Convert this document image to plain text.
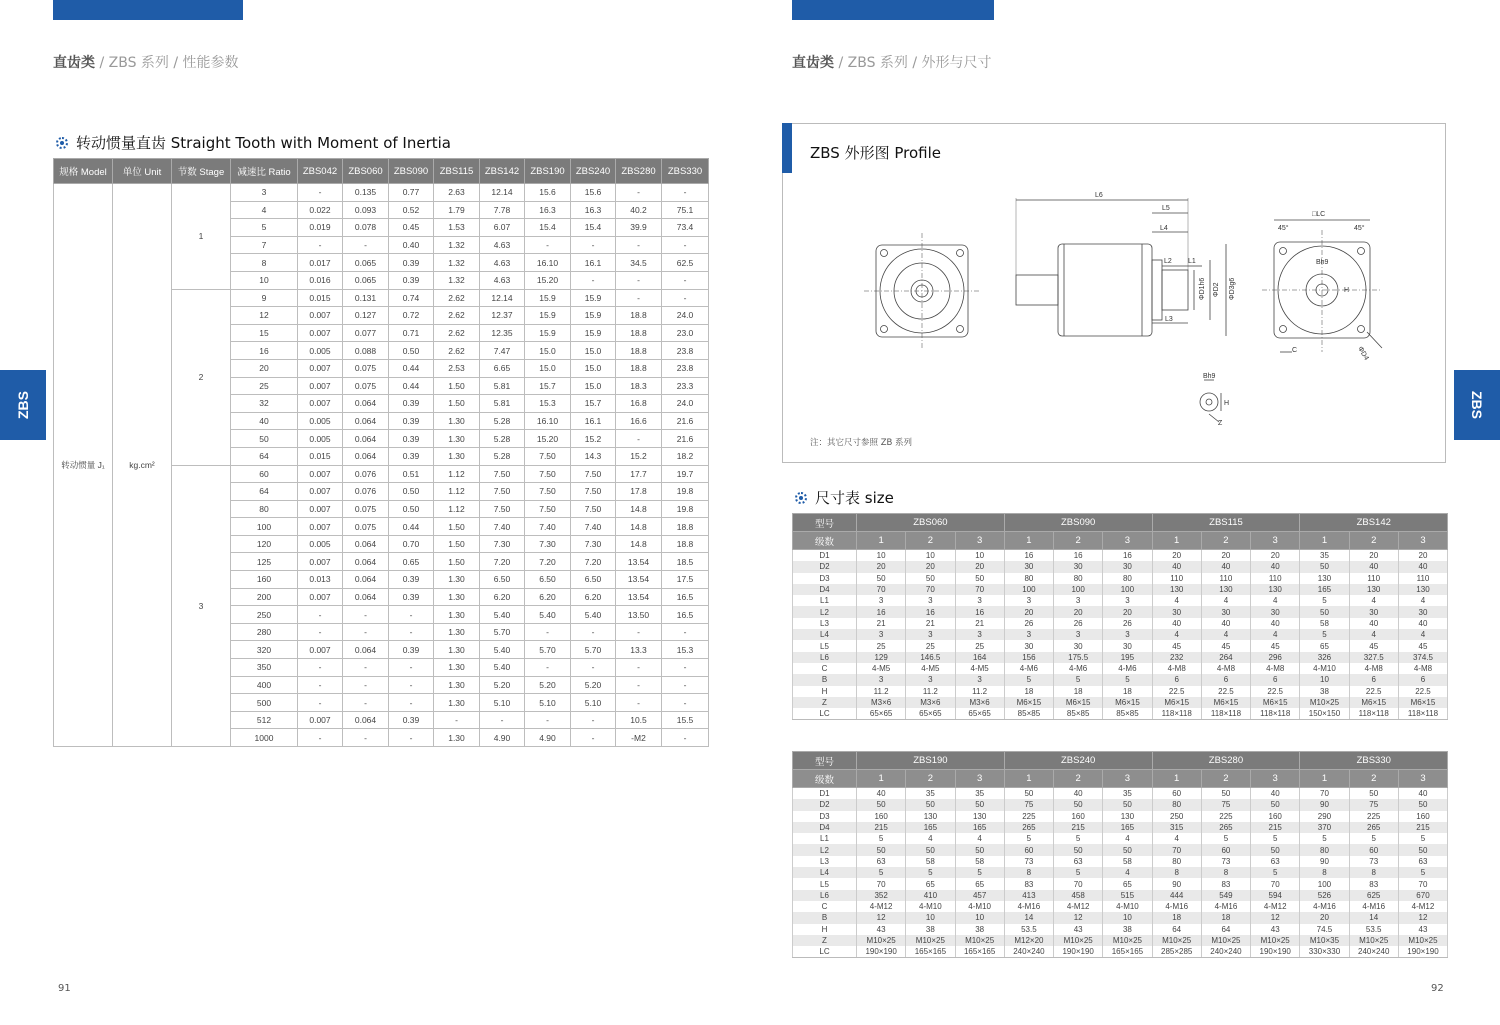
直齿类 / ZBS 系列 / 性能参数	直齿类 / ZBS 系列 / 外形与尺寸
ZBS	ZBS
转动惯量直齿 Straight Tooth with Moment of Inertia
规格 Model	单位 Unit	节数 Stage	减速比 Ratio	ZBS042	ZBS060	ZBS090	ZBS115	ZBS142	ZBS190	ZBS240	ZBS280	ZBS330
转动惯量 J₁	kg.cm²	1	3	-	0.135	0.77	2.63	12.14	15.6	15.6	-	-
			4	0.022	0.093	0.52	1.79	7.78	16.3	16.3	40.2	75.1
			5	0.019	0.078	0.45	1.53	6.07	15.4	15.4	39.9	73.4
			7	-	-	0.40	1.32	4.63	-	-	-	-
			8	0.017	0.065	0.39	1.32	4.63	16.10	16.1	34.5	62.5
			10	0.016	0.065	0.39	1.32	4.63	15.20	-	-	-
		2	9	0.015	0.131	0.74	2.62	12.14	15.9	15.9	-	-
			12	0.007	0.127	0.72	2.62	12.37	15.9	15.9	18.8	24.0
			15	0.007	0.077	0.71	2.62	12.35	15.9	15.9	18.8	23.0
			16	0.005	0.088	0.50	2.62	7.47	15.0	15.0	18.8	23.8
			20	0.007	0.075	0.44	2.53	6.65	15.0	15.0	18.8	23.8
			25	0.007	0.075	0.44	1.50	5.81	15.7	15.0	18.3	23.3
			32	0.007	0.064	0.39	1.50	5.81	15.3	15.7	16.8	24.0
			40	0.005	0.064	0.39	1.30	5.28	16.10	16.1	16.6	21.6
			50	0.005	0.064	0.39	1.30	5.28	15.20	15.2	-	21.6
			64	0.015	0.064	0.39	1.30	5.28	7.50	14.3	15.2	18.2
		3	60	0.007	0.076	0.51	1.12	7.50	7.50	7.50	17.7	19.7
			64	0.007	0.076	0.50	1.12	7.50	7.50	7.50	17.8	19.8
			80	0.007	0.075	0.50	1.12	7.50	7.50	7.50	14.8	19.8
			100	0.007	0.075	0.44	1.50	7.40	7.40	7.40	14.8	18.8
			120	0.005	0.064	0.70	1.50	7.30	7.30	7.30	14.8	18.8
			125	0.007	0.064	0.65	1.50	7.20	7.20	7.20	13.54	18.5
			160	0.013	0.064	0.39	1.30	6.50	6.50	6.50	13.54	17.5
			200	0.007	0.064	0.39	1.30	6.20	6.20	6.20	13.54	16.5
			250	-	-	-	1.30	5.40	5.40	5.40	13.50	16.5
			280	-	-	-	1.30	5.70	-	-	-	-
			320	0.007	0.064	0.39	1.30	5.40	5.70	5.70	13.3	15.3
			350	-	-	-	1.30	5.40	-	-	-	-
			400	-	-	-	1.30	5.20	5.20	5.20	-	-
			500	-	-	-	1.30	5.10	5.10	5.10	-	-
			512	0.007	0.064	0.39	-	-	-	-	10.5	15.5
			1000	-	-	-	1.30	4.90	4.90	-	-M2	-
91
ZBS 外形图 Profile
L6
L5
L4
L2 L1
L3
ΦD1h6 ΦD2 ΦD3g6
□LC
45°	45°
Bh9
H
C	ΦD4
Bh9
H
Z
注：其它尺寸参照 ZB 系列
尺寸表 size
型号	ZBS060			ZBS090			ZBS115			ZBS142		
级数	1	2	3	1	2	3	1	2	3	1	2	3
D1	10	10	10	16	16	16	20	20	20	35	20	20
D2	20	20	20	30	30	30	40	40	40	50	40	40
D3	50	50	50	80	80	80	110	110	110	130	110	110
D4	70	70	70	100	100	100	130	130	130	165	130	130
L1	3	3	3	3	3	3	4	4	4	5	4	4
L2	16	16	16	20	20	20	30	30	30	50	30	30
L3	21	21	21	26	26	26	40	40	40	58	40	40
L4	3	3	3	3	3	3	4	4	4	5	4	4
L5	25	25	25	30	30	30	45	45	45	65	45	45
L6	129	146.5	164	156	175.5	195	232	264	296	326	327.5	374.5
C	4-M5	4-M5	4-M5	4-M6	4-M6	4-M6	4-M8	4-M8	4-M8	4-M10	4-M8	4-M8
B	3	3	3	5	5	5	6	6	6	10	6	6
H	11.2	11.2	11.2	18	18	18	22.5	22.5	22.5	38	22.5	22.5
Z	M3×6	M3×6	M3×6	M6×15	M6×15	M6×15	M6×15	M6×15	M6×15	M10×25	M6×15	M6×15
LC	65×65	65×65	65×65	85×85	85×85	85×85	118×118	118×118	118×118	150×150	118×118	118×118
型号	ZBS190			ZBS240			ZBS280			ZBS330		
级数	1	2	3	1	2	3	1	2	3	1	2	3
D1	40	35	35	50	40	35	60	50	40	70	50	40
D2	50	50	50	75	50	50	80	75	50	90	75	50
D3	160	130	130	225	160	130	250	225	160	290	225	160
D4	215	165	165	265	215	165	315	265	215	370	265	215
L1	5	4	4	5	5	4	4	5	5	5	5	5
L2	50	50	50	60	50	50	70	60	50	80	60	50
L3	63	58	58	73	63	58	80	73	63	90	73	63
L4	5	5	5	8	5	4	8	8	5	8	8	5
L5	70	65	65	83	70	65	90	83	70	100	83	70
L6	352	410	457	413	458	515	444	549	594	526	625	670
C	4-M12	4-M10	4-M10	4-M16	4-M12	4-M10	4-M16	4-M16	4-M12	4-M16	4-M16	4-M12
B	12	10	10	14	12	10	18	18	12	20	14	12
H	43	38	38	53.5	43	38	64	64	43	74.5	53.5	43
Z	M10×25	M10×25	M10×25	M12×20	M10×25	M10×25	M10×25	M10×25	M10×25	M10×35	M10×25	M10×25
LC	190×190	165×165	165×165	240×240	190×190	165×165	285×285	240×240	190×190	330×330	240×240	190×190
92
